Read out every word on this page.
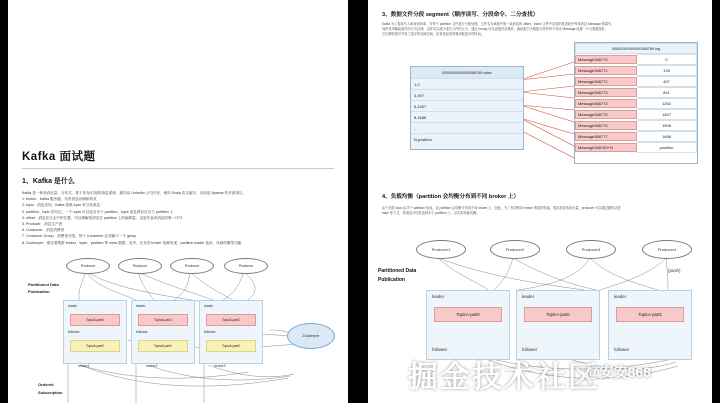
Kafka 面试题
1、Kafka 是什么
Kafka 是一种高吞吐量、分布式、基于发布/订阅的消息系统，最初由 Linkedin 公司开发，使用 Scala 语言编写，目前是 Apache 的开源项目。
1. broker：Kafka 服务器，负责消息存储和转发
2. topic：消息类别，Kafka 按照 topic 来分类消息
3. partition：topic 的分区，一个 topic 可以包含多个 partition，topic 消息保存在各个 partition 上
4. offset：消息在日志中的位置，可以理解是消息在 partition 上的偏移量，也是代表该消息的唯一序号
5. Producer：消息生产者
6. Consumer：消息消费者
7. Consumer Group：消费者分组，每个 Consumer 必须属于一个 group
8. Zookeeper：保存着集群 broker、topic、partition 等 meta 数据；另外，还负责 broker 故障发现，partition leader 选举，负载均衡等功能
Producer	Producer	Producer	Producer
Partitioned Data
Publication
leader
TopicA-part0
follower
TopicA-part2
broker1
leader
TopicA-part1
follower
TopicA-part1
broker2
leader
TopicA-part2
follower
TopicA-part0
broker3
Zookeeper
Ordered
Subscription
3、数据文件分段 segment（顺序读写、分段命令、二分查找）
Kafka 为了提高写入和查询效率，对每个 partition 文件进行分段处理，文件名为该段中第一条消息的 offset，index 文件中存放的是该段中每条消息 Message 的索引，
同时采用稀疏索引的方式存储，这样可以减少索引文件的大小，通过 mmap 可以直接内存操作，稀疏索引为数据文件的每个对应 Message 设置一个元数据指针，
它比稠密索引节省了更多的存储空间，但查找起来需要消耗更多的时间。
00000000000000368769.index
1,0
3,497
6,1407
8,1686
...
N,position
00000000000000368769.log
Message368770	0
Message368771	139
Message368772	497
Message368773	841
Message368774	1262
Message368775	1407
Message368776	1508
Message368777	1686
Message368769+N	position
4、负载均衡（partition 会均衡分布到不同 broker 上）
由于消息 topic 由多个 partition 组成，且 partition 会均衡分布到不同 broker 上，因此，为了有效利用 broker 集群的性能，提高消息的吞吐量，producer 可以通过随机或者
hash 等方式，将消息平均发送到多个 partition 上，以实现负载均衡。
Producer1	Producer2	Producer3	Producer4
Partitioned Data
Publication
(push)
leader
TopicA-part0
follower
leader
TopicA-part0
follower
leader
TopicA-part2
follower
掘金技术社区
@安安868
